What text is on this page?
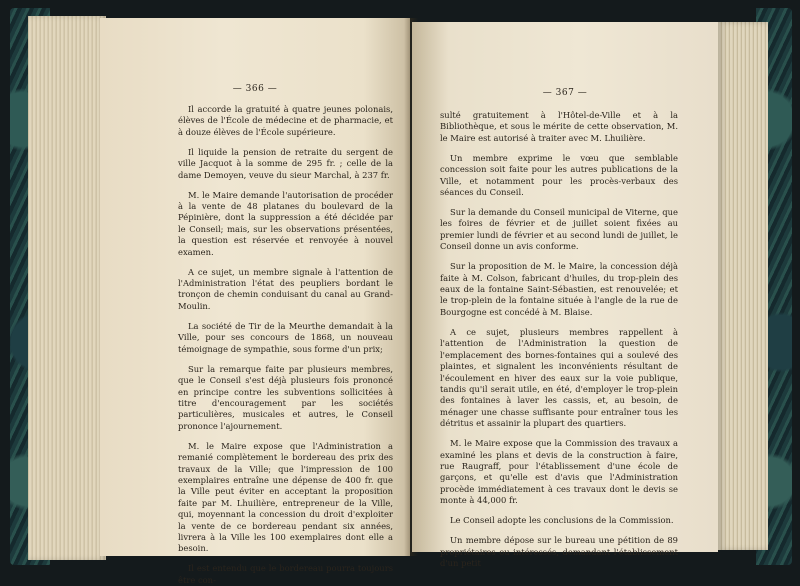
— 366 —

Il accorde la gratuité à quatre jeunes polonais, élèves de l'École de médecine et de pharmacie, et à douze élèves de l'École supérieure.

Il liquide la pension de retraite du sergent de ville Jacquot à la somme de 295 fr. ; celle de la dame Demoyen, veuve du sieur Marchal, à 237 fr.

M. le Maire demande l'autorisation de procéder à la vente de 48 platanes du boulevard de la Pépinière, dont la suppression a été décidée par le Conseil; mais, sur les observations présentées, la question est réservée et renvoyée à nouvel examen.

A ce sujet, un membre signale à l'attention de l'Administration l'état des peupliers bordant le tronçon de chemin conduisant du canal au Grand-Moulin.

La société de Tir de la Meurthe demandait à la Ville, pour ses concours de 1868, un nouveau témoignage de sympathie, sous forme d'un prix;

Sur la remarque faite par plusieurs membres, que le Conseil s'est déjà plusieurs fois prononcé en principe contre les subventions sollicitées à titre d'encouragement par les sociétés particulières, musicales et autres, le Conseil prononce l'ajournement.

M. le Maire expose que l'Administration a remanié complètement le bordereau des prix des travaux de la Ville; que l'impression de 100 exemplaires entraîne une dépense de 400 fr. que la Ville peut éviter en acceptant la proposition faite par M. Lhuilière, entrepreneur de la Ville, qui, moyennant la concession du droit d'exploiter la vente de ce bordereau pendant six années, livrera à la Ville les 100 exemplaires dont elle a besoin.

Il est entendu que le bordereau pourra toujours être con-

— 367 —

sulté gratuitement à l'Hôtel-de-Ville et à la Bibliothèque, et sous le mérite de cette observation, M. le Maire est autorisé à traiter avec M. Lhuilière.

Un membre exprime le vœu que semblable concession soit faite pour les autres publications de la Ville, et notamment pour les procès-verbaux des séances du Conseil.

Sur la demande du Conseil municipal de Viterne, que les foires de février et de juillet soient fixées au premier lundi de février et au second lundi de juillet, le Conseil donne un avis conforme.

Sur la proposition de M. le Maire, la concession déjà faite à M. Colson, fabricant d'huiles, du trop-plein des eaux de la fontaine Saint-Sébastien, est renouvelée; et le trop-plein de la fontaine située à l'angle de la rue de Bourgogne est concédé à M. Blaise.

A ce sujet, plusieurs membres rappellent à l'attention de l'Administration la question de l'emplacement des bornes-fontaines qui a soulevé des plaintes, et signalent les inconvénients résultant de l'écoulement en hiver des eaux sur la voie publique, tandis qu'il serait utile, en été, d'employer le trop-plein des fontaines à laver les cassis, et, au besoin, de ménager une chasse suffisante pour entraîner tous les détritus et assainir la plupart des quartiers.

M. le Maire expose que la Commission des travaux a examiné les plans et devis de la construction à faire, rue Raugraff, pour l'établissement d'une école de garçons, et qu'elle est d'avis que l'Administration procède immédiatement à ces travaux dont le devis se monte à 44,000 fr.

Le Conseil adopte les conclusions de la Commission.

Un membre dépose sur le bureau une pétition de 89 propriétaires ou intéressés, demandant l'établissement d'un petit
